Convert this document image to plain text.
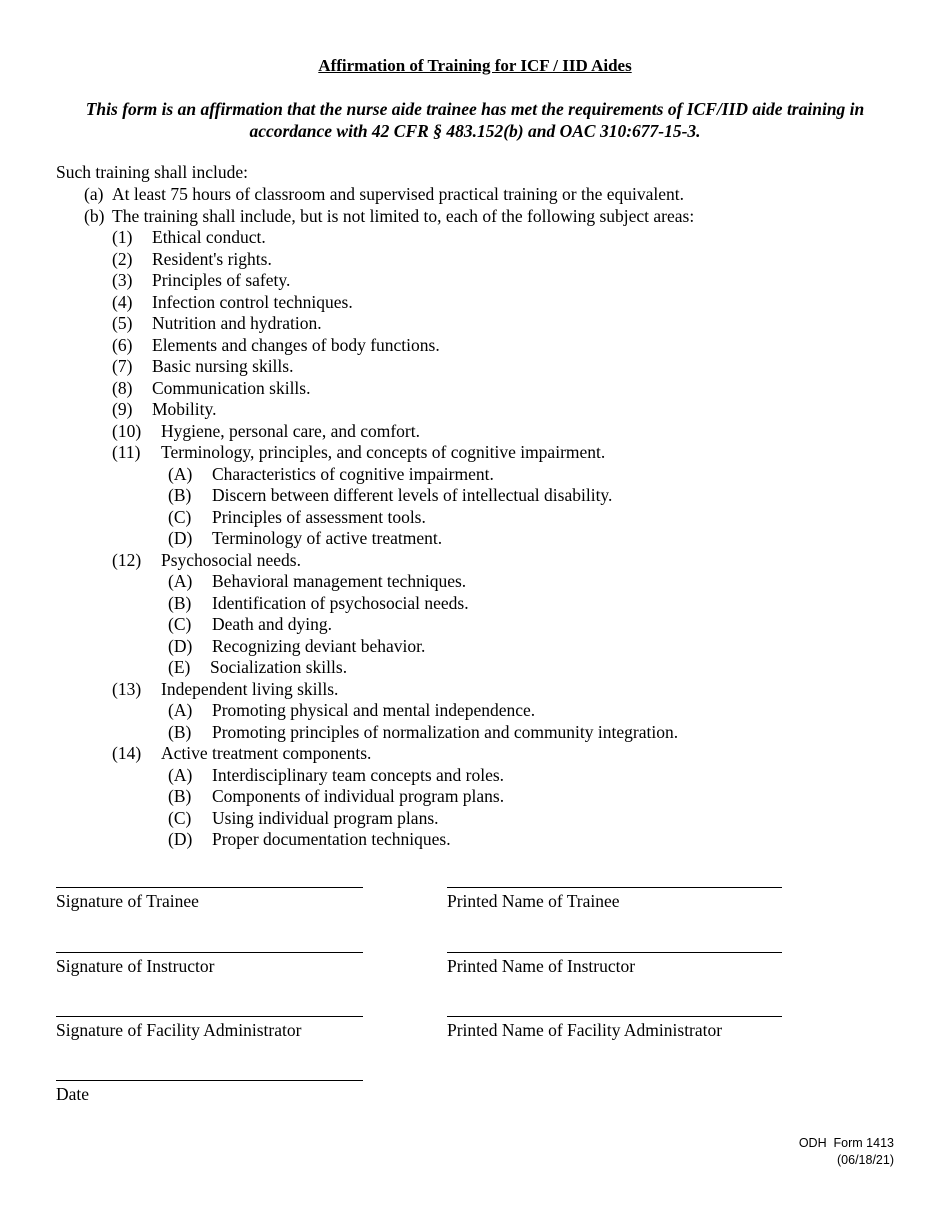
Affirmation of Training for ICF / IID Aides
This form is an affirmation that the nurse aide trainee has met the requirements of ICF/IID aide training in accordance with 42 CFR § 483.152(b) and OAC 310:677-15-3.
Such training shall include:
(a) At least 75 hours of classroom and supervised practical training or the equivalent.
(b) The training shall include, but is not limited to, each of the following subject areas:
(1) Ethical conduct.
(2) Resident's rights.
(3) Principles of safety.
(4) Infection control techniques.
(5) Nutrition and hydration.
(6) Elements and changes of body functions.
(7) Basic nursing skills.
(8) Communication skills.
(9) Mobility.
(10) Hygiene, personal care, and comfort.
(11) Terminology, principles, and concepts of cognitive impairment.
(A) Characteristics of cognitive impairment.
(B) Discern between different levels of intellectual disability.
(C) Principles of assessment tools.
(D) Terminology of active treatment.
(12) Psychosocial needs.
(A) Behavioral management techniques.
(B) Identification of psychosocial needs.
(C) Death and dying.
(D) Recognizing deviant behavior.
(E) Socialization skills.
(13) Independent living skills.
(A) Promoting physical and mental independence.
(B) Promoting principles of normalization and community integration.
(14) Active treatment components.
(A) Interdisciplinary team concepts and roles.
(B) Components of individual program plans.
(C) Using individual program plans.
(D) Proper documentation techniques.
Signature of Trainee	Printed Name of Trainee
Signature of Instructor	Printed Name of Instructor
Signature of Facility Administrator	Printed Name of Facility Administrator
Date
ODH  Form 1413
(06/18/21)
